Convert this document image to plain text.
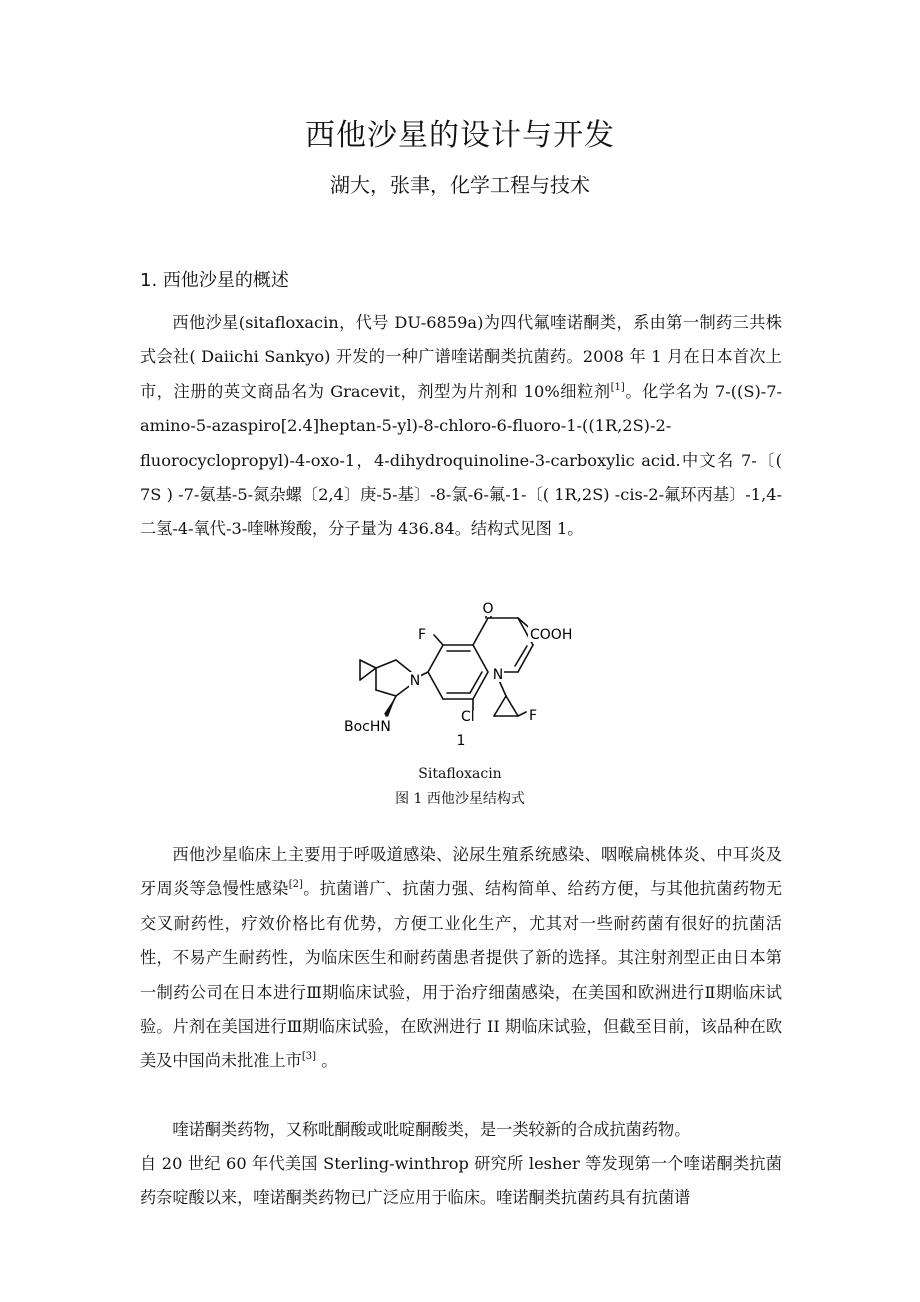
西他沙星的设计与开发
湖大，张聿，化学工程与技术
1. 西他沙星的概述

西他沙星(sitafloxacin，代号 DU-6859a)为四代氟喹诺酮类，系由第一制药三共株式会社( Daiichi Sankyo) 开发的一种广谱喹诺酮类抗菌药。2008 年 1 月在日本首次上市，注册的英文商品名为 Gracevit，剂型为片剂和 10%细粒剂[1]。化学名为 7-((S)-7-amino-5-azaspiro[2.4]heptan-5-yl)-8-chloro-6-fluoro-1-((1R,2S)-2-fluorocyclopropyl)-4-oxo-1，4-dihydroquinoline-3-carboxylic acid.中文名 7-〔( 7S ) -7-氨基-5-氮杂螺〔2,4〕庚-5-基〕-8-氯-6-氟-1-〔( 1R,2S) -cis-2-氟环丙基〕-1,4-二氢-4-氧代-3-喹啉羧酸，分子量为 436.84。结构式见图 1。

O
F	COOH
N	N
Cl	F
BocHN
1
Sitafloxacin
图 1 西他沙星结构式

西他沙星临床上主要用于呼吸道感染、泌尿生殖系统感染、咽喉扁桃体炎、中耳炎及牙周炎等急慢性感染[2]。抗菌谱广、抗菌力强、结构简单、给药方便，与其他抗菌药物无交叉耐药性，疗效价格比有优势，方便工业化生产，尤其对一些耐药菌有很好的抗菌活性，不易产生耐药性，为临床医生和耐药菌患者提供了新的选择。其注射剂型正由日本第一制药公司在日本进行Ⅲ期临床试验，用于治疗细菌感染，在美国和欧洲进行Ⅱ期临床试验。片剂在美国进行Ⅲ期临床试验，在欧洲进行 II 期临床试验，但截至目前，该品种在欧美及中国尚未批准上市[3] 。

喹诺酮类药物，又称吡酮酸或吡啶酮酸类，是一类较新的合成抗菌药物。

自 20 世纪 60 年代美国 Sterling-winthrop 研究所 lesher 等发现第一个喹诺酮类抗菌药奈啶酸以来，喹诺酮类药物已广泛应用于临床。喹诺酮类抗菌药具有抗菌谱
